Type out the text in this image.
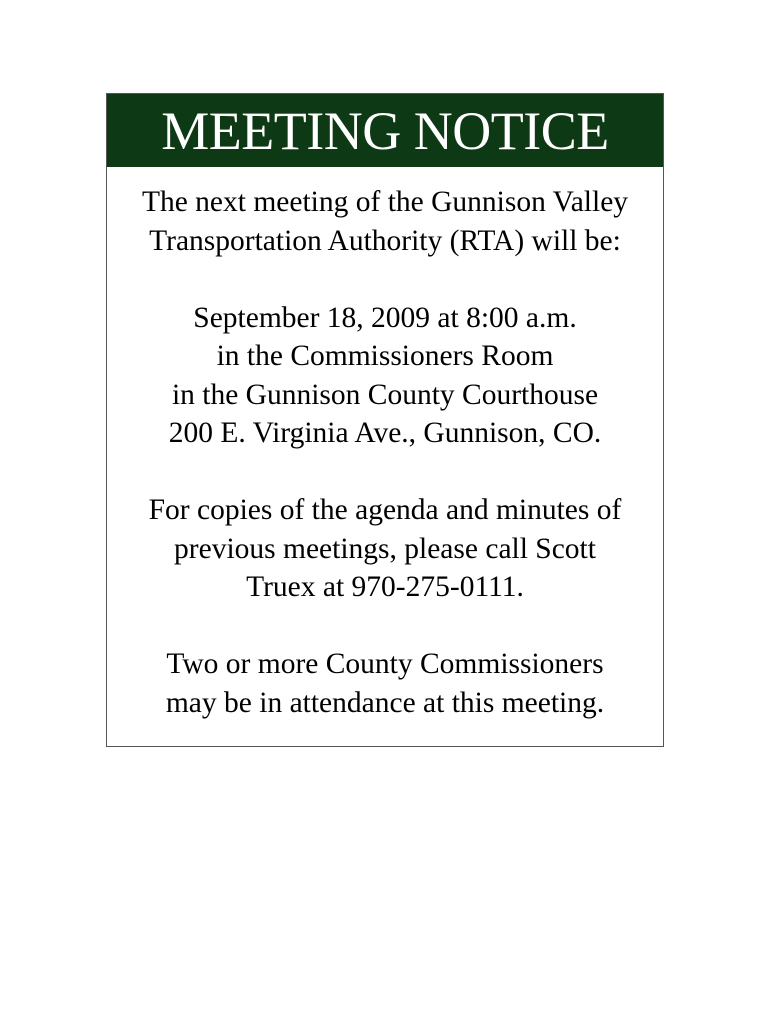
MEETING NOTICE

The next meeting of the Gunnison Valley
Transportation Authority (RTA) will be:

September 18, 2009 at 8:00 a.m.
in the Commissioners Room
in the Gunnison County Courthouse
200 E. Virginia Ave., Gunnison, CO.

For copies of the agenda and minutes of
previous meetings, please call Scott
Truex at 970-275-0111.

Two or more County Commissioners
may be in attendance at this meeting.
